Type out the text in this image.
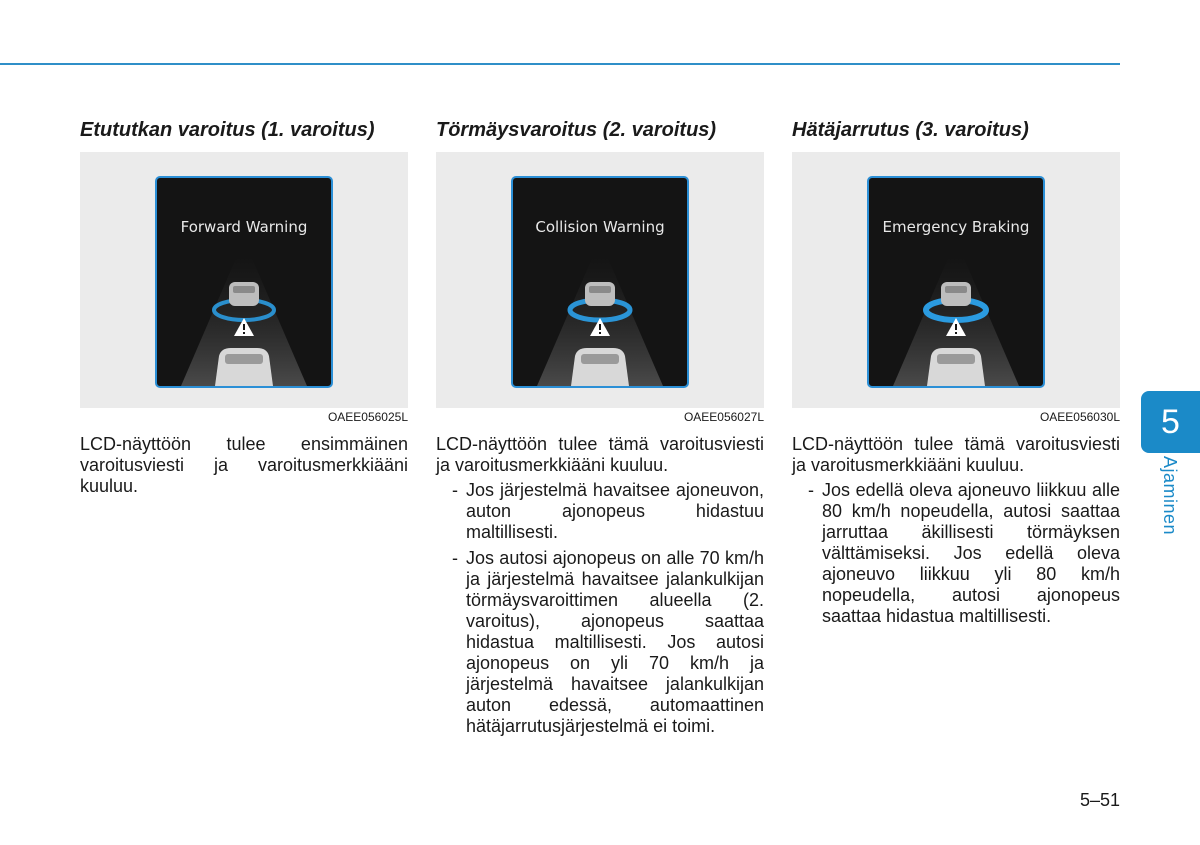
Etututkan varoitus (1. varoitus)
Forward Warning
OAEE056025L

LCD-näyttöön tulee ensimmäinen varoitusviesti ja varoitusmerkkiääni kuuluu.

Törmäysvaroitus (2. varoitus)
Collision Warning
OAEE056027L

LCD-näyttöön tulee tämä varoitusviesti ja varoitusmerkkiääni kuuluu.

- Jos järjestelmä havaitsee ajoneuvon, auton ajonopeus hidastuu maltillisesti.
- Jos autosi ajonopeus on alle 70 km/h ja järjestelmä havaitsee jalankulkijan törmäysvaroittimen alueella (2. varoitus), ajonopeus saattaa hidastua maltillisesti. Jos autosi ajonopeus on yli 70 km/h ja järjestelmä havaitsee jalankulkijan auton edessä, automaattinen hätäjarrutusjärjestelmä ei toimi.
Hätäjarrutus (3. varoitus)
Emergency Braking
OAEE056030L

LCD-näyttöön tulee tämä varoitusviesti ja varoitusmerkkiääni kuuluu.

- Jos edellä oleva ajoneuvo liikkuu alle 80 km/h nopeudella, autosi saattaa jarruttaa äkillisesti törmäyksen välttämiseksi. Jos edellä oleva ajoneuvo liikkuu yli 80 km/h nopeudella, autosi ajonopeus saattaa hidastua maltillisesti.
5
Ajaminen
5–51
